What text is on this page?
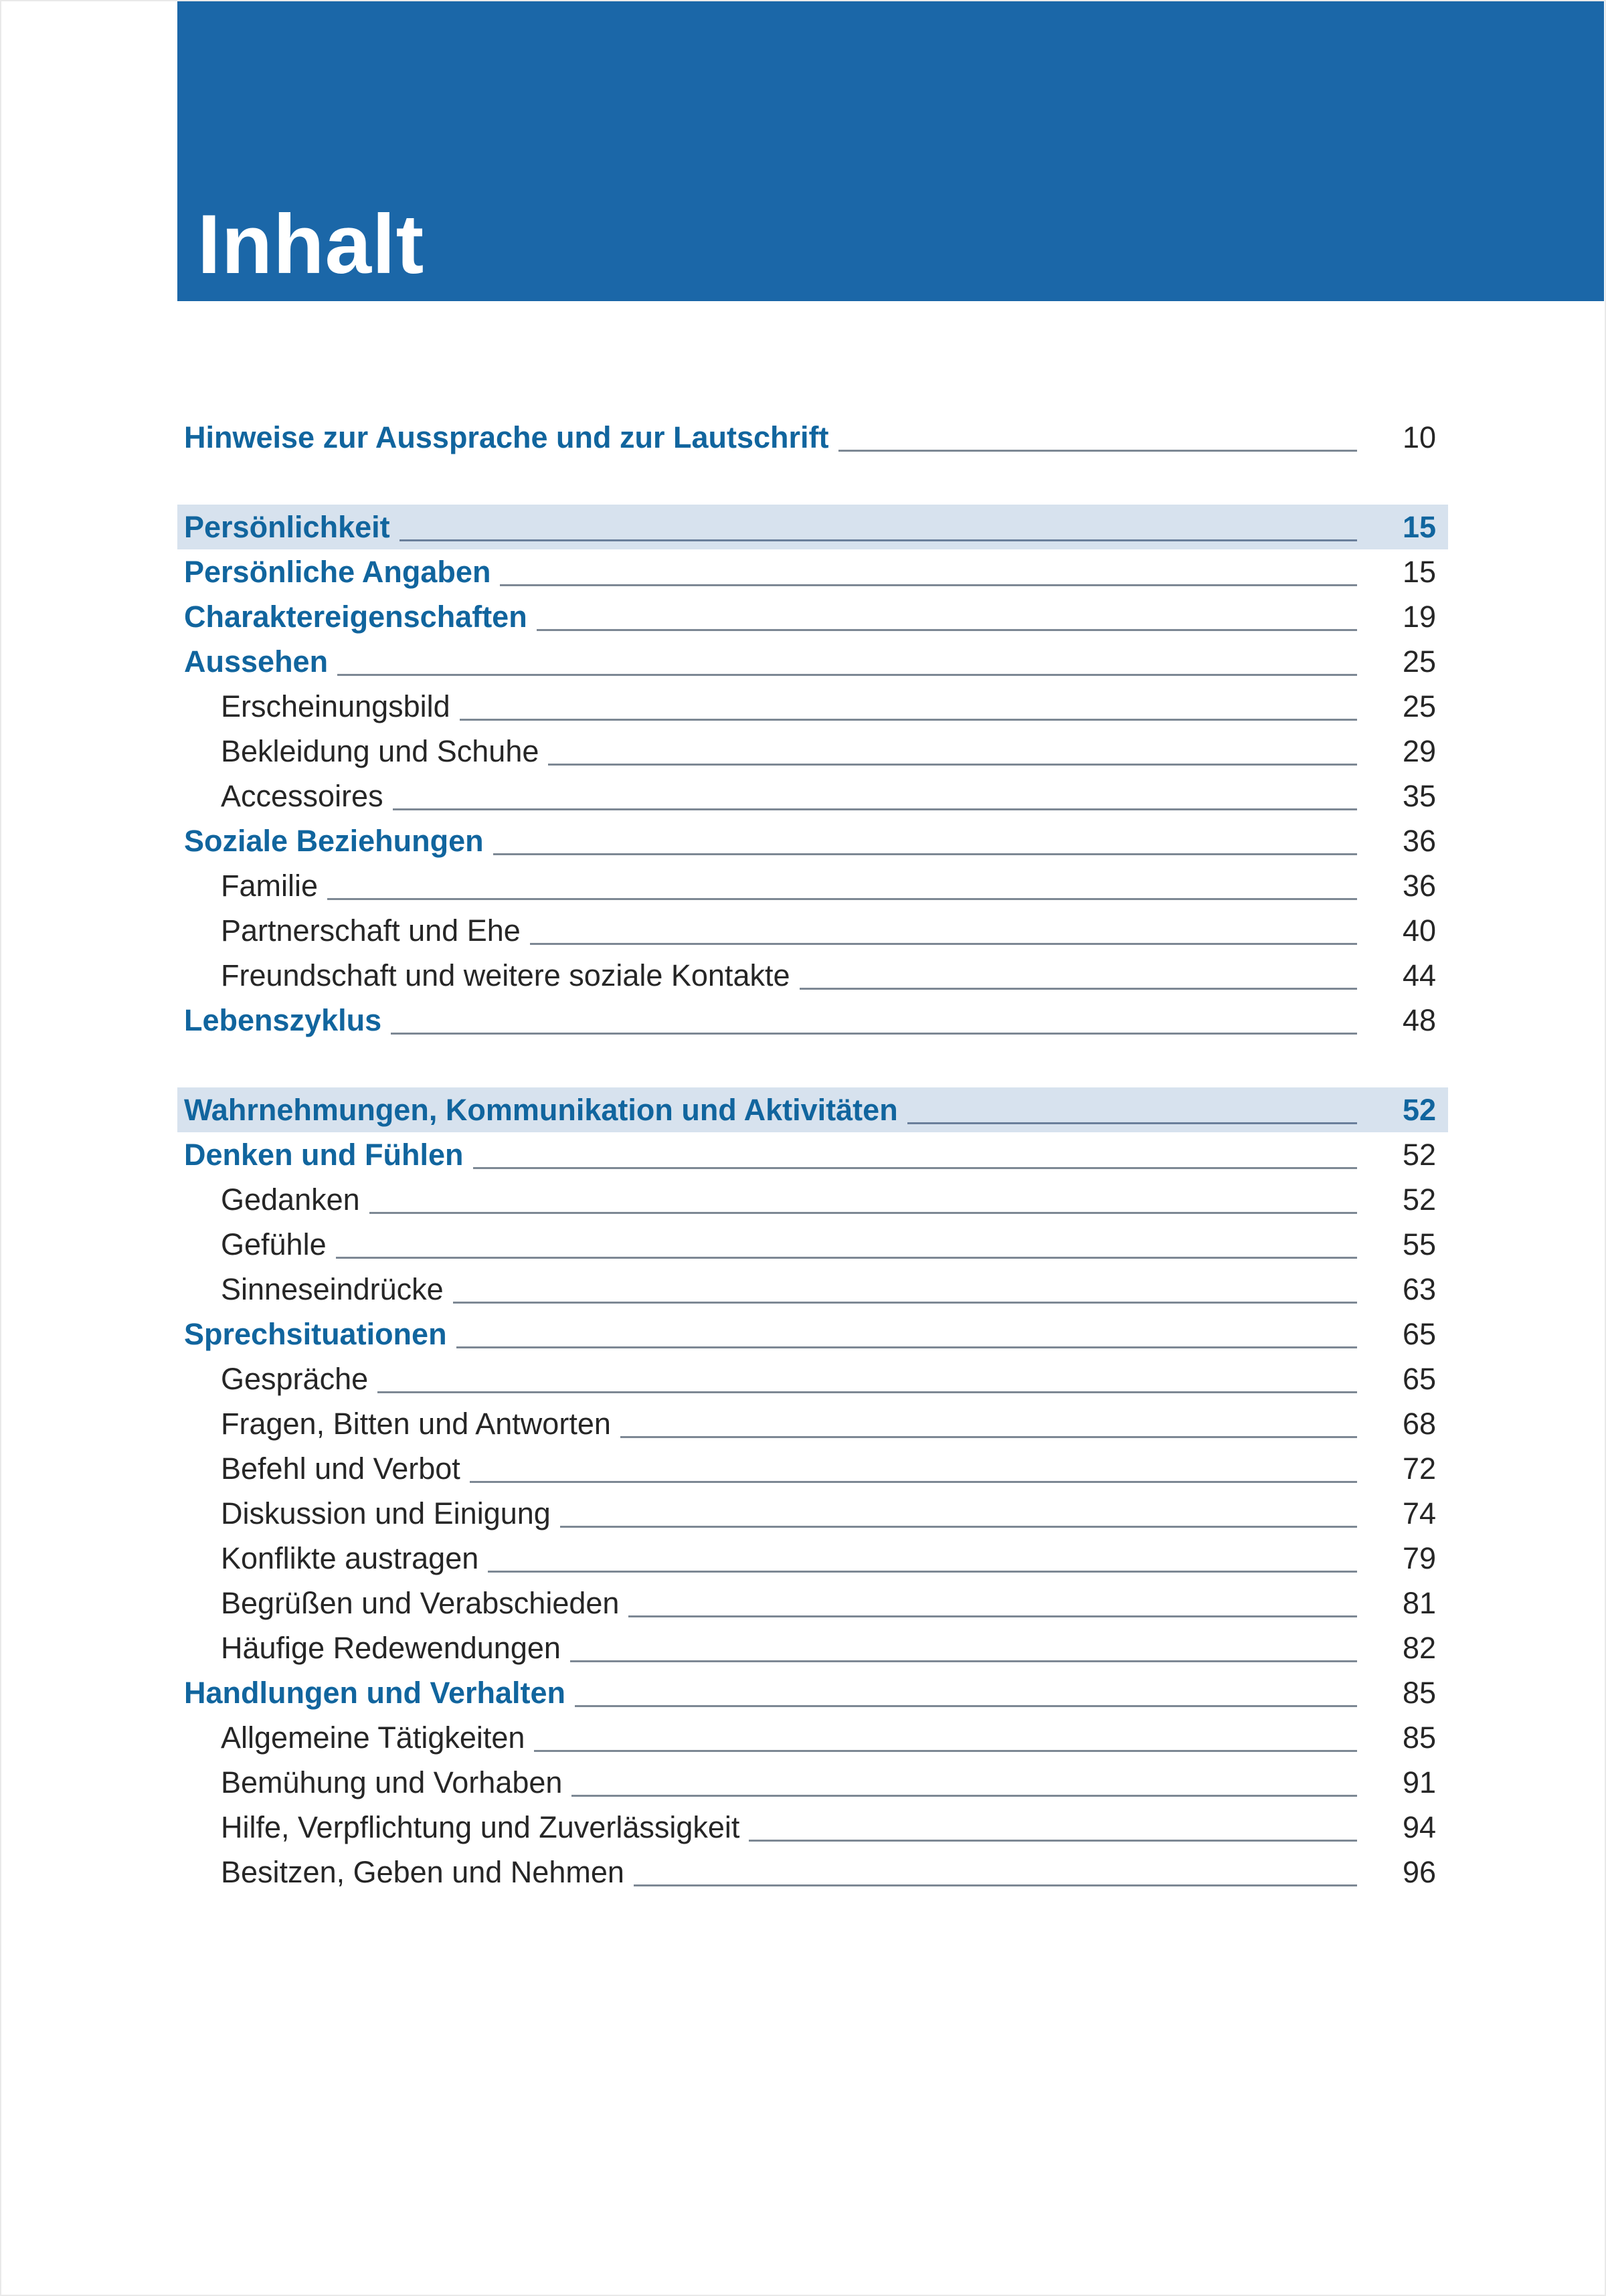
Inhalt
Hinweise zur Aussprache und zur Lautschrift	10
Persönlichkeit	15
Persönliche Angaben	15
Charaktereigenschaften	19
Aussehen	25
Erscheinungsbild	25
Bekleidung und Schuhe	29
Accessoires	35
Soziale Beziehungen	36
Familie	36
Partnerschaft und Ehe	40
Freundschaft und weitere soziale Kontakte	44
Lebenszyklus	48
Wahrnehmungen, Kommunikation und Aktivitäten	52
Denken und Fühlen	52
Gedanken	52
Gefühle	55
Sinneseindrücke	63
Sprechsituationen	65
Gespräche	65
Fragen, Bitten und Antworten	68
Befehl und Verbot	72
Diskussion und Einigung	74
Konflikte austragen	79
Begrüßen und Verabschieden	81
Häufige Redewendungen	82
Handlungen und Verhalten	85
Allgemeine Tätigkeiten	85
Bemühung und Vorhaben	91
Hilfe, Verpflichtung und Zuverlässigkeit	94
Besitzen, Geben und Nehmen	96
